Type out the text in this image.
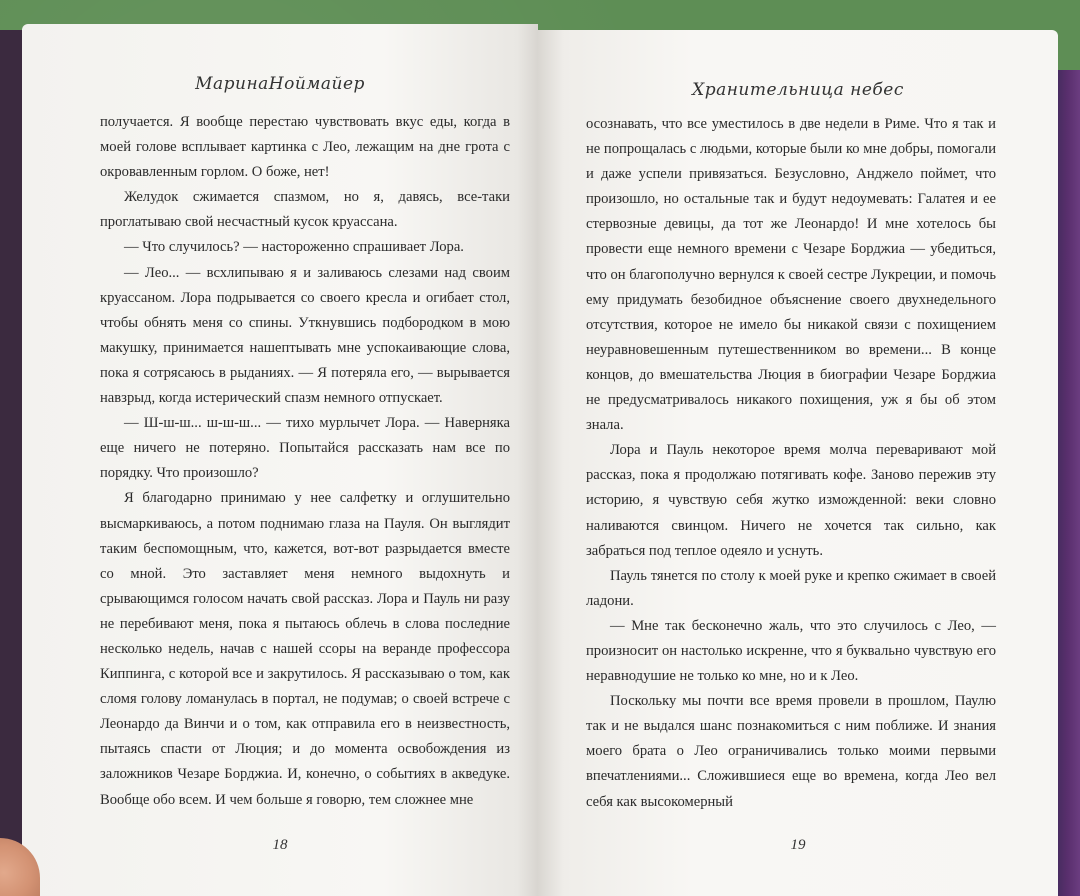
МаринаНоймайер

получается. Я вообще перестаю чувствовать вкус еды, когда в моей голове всплывает картинка с Лео, лежащим на дне грота с окровавленным горлом. О боже, нет!

Желудок сжимается спазмом, но я, давясь, все-таки проглатываю свой несчастный кусок круассана.

— Что случилось? — настороженно спрашивает Лора.

— Лео... — всхлипываю я и заливаюсь слезами над своим круассаном. Лора подрывается со своего кресла и огибает стол, чтобы обнять меня со спины. Уткнувшись подбородком в мою макушку, принимается нашептывать мне успокаивающие слова, пока я сотрясаюсь в рыданиях. — Я потеряла его, — вырывается навзрыд, когда истерический спазм немного отпускает.

— Ш-ш-ш... ш-ш-ш... — тихо мурлычет Лора. — Наверняка еще ничего не потеряно. Попытайся рассказать нам все по порядку. Что произошло?

Я благодарно принимаю у нее салфетку и оглушительно высмаркиваюсь, а потом поднимаю глаза на Пауля. Он выглядит таким беспомощным, что, кажется, вот-вот разрыдается вместе со мной. Это заставляет меня немного выдохнуть и срывающимся голосом начать свой рассказ. Лора и Пауль ни разу не перебивают меня, пока я пытаюсь облечь в слова последние несколько недель, начав с нашей ссоры на веранде профессора Киппинга, с которой все и закрутилось. Я рассказываю о том, как сломя голову ломанулась в портал, не подумав; о своей встрече с Леонардо да Винчи и о том, как отправила его в неизвестность, пытаясь спасти от Люция; и до момента освобождения из заложников Чезаре Борджиа. И, конечно, о событиях в акведуке. Вообще обо всем. И чем больше я говорю, тем сложнее мне

18
Хранительница небес

осознавать, что все уместилось в две недели в Риме. Что я так и не попрощалась с людьми, которые были ко мне добры, помогали и даже успели привязаться. Безусловно, Анджело поймет, что произошло, но остальные так и будут недоумевать: Галатея и ее стервозные девицы, да тот же Леонардо! И мне хотелось бы провести еще немного времени с Чезаре Борджиа — убедиться, что он благополучно вернулся к своей сестре Лукреции, и помочь ему придумать безобидное объяснение своего двухнедельного отсутствия, которое не имело бы никакой связи с похищением неуравновешенным путешественником во времени... В конце концов, до вмешательства Люция в биографии Чезаре Борджиа не предусматривалось никакого похищения, уж я бы об этом знала.

Лора и Пауль некоторое время молча переваривают мой рассказ, пока я продолжаю потягивать кофе. Заново пережив эту историю, я чувствую себя жутко изможденной: веки словно наливаются свинцом. Ничего не хочется так сильно, как забраться под теплое одеяло и уснуть.

Пауль тянется по столу к моей руке и крепко сжимает в своей ладони.

— Мне так бесконечно жаль, что это случилось с Лео, — произносит он настолько искренне, что я буквально чувствую его неравнодушие не только ко мне, но и к Лео.

Поскольку мы почти все время провели в прошлом, Паулю так и не выдался шанс познакомиться с ним поближе. И знания моего брата о Лео ограничивались только моими первыми впечатлениями... Сложившиеся еще во времена, когда Лео вел себя как высокомерный

19
